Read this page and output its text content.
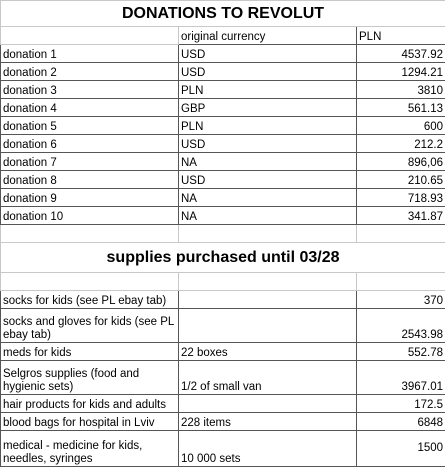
DONATIONS TO REVOLUT		
	original currency	PLN
donation 1	USD	4537.92
donation 2	USD	1294.21
donation 3	PLN	3810
donation 4	GBP	561.13
donation 5	PLN	600
donation 6	USD	212.2
donation 7	NA	896,06
donation 8	USD	210.65
donation 9	NA	718.93
donation 10	NA	341.87

supplies purchased until 03/28		

socks for kids (see PL ebay tab)		370
socks and gloves for kids (see PL ebay tab)		2543.98
meds for kids	22 boxes	552.78
Selgros supplies (food and hygienic sets)	1/2 of small van	3967.01
hair products for kids and adults		172.5
blood bags for hospital in Lviv	228 items	6848
medical - medicine for kids, needles, syringes	10 000 sets	1500
